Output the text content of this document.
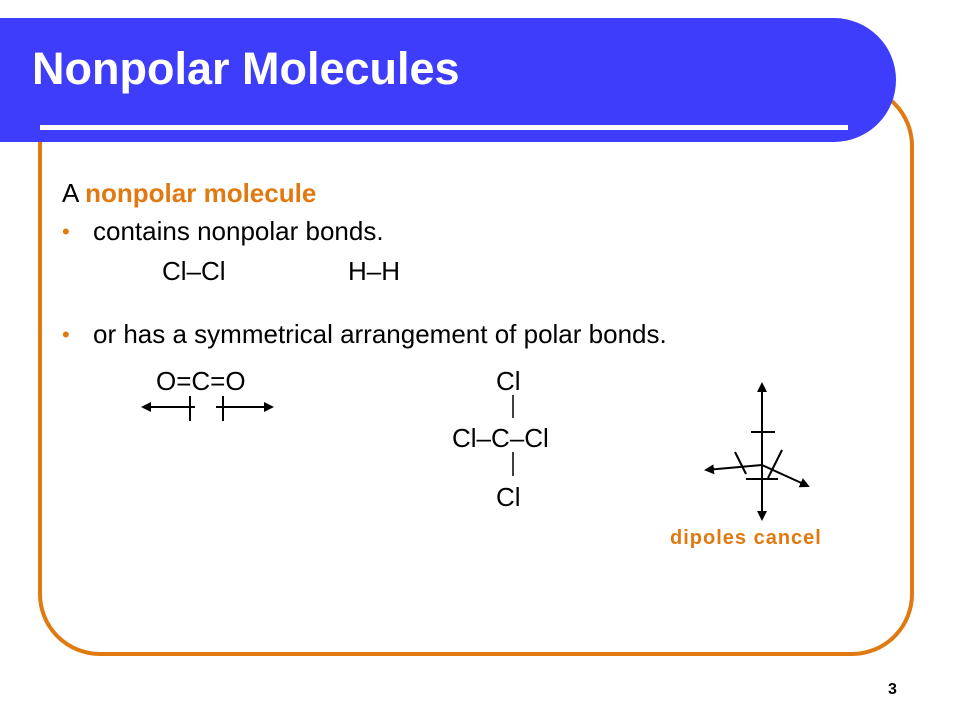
Nonpolar Molecules

A nonpolar molecule

• contains nonpolar bonds.

Cl–Cl	H–H

• or has a symmetrical arrangement of polar bonds.

O=C=O	Cl

Cl–C–Cl

Cl

dipoles cancel

3
